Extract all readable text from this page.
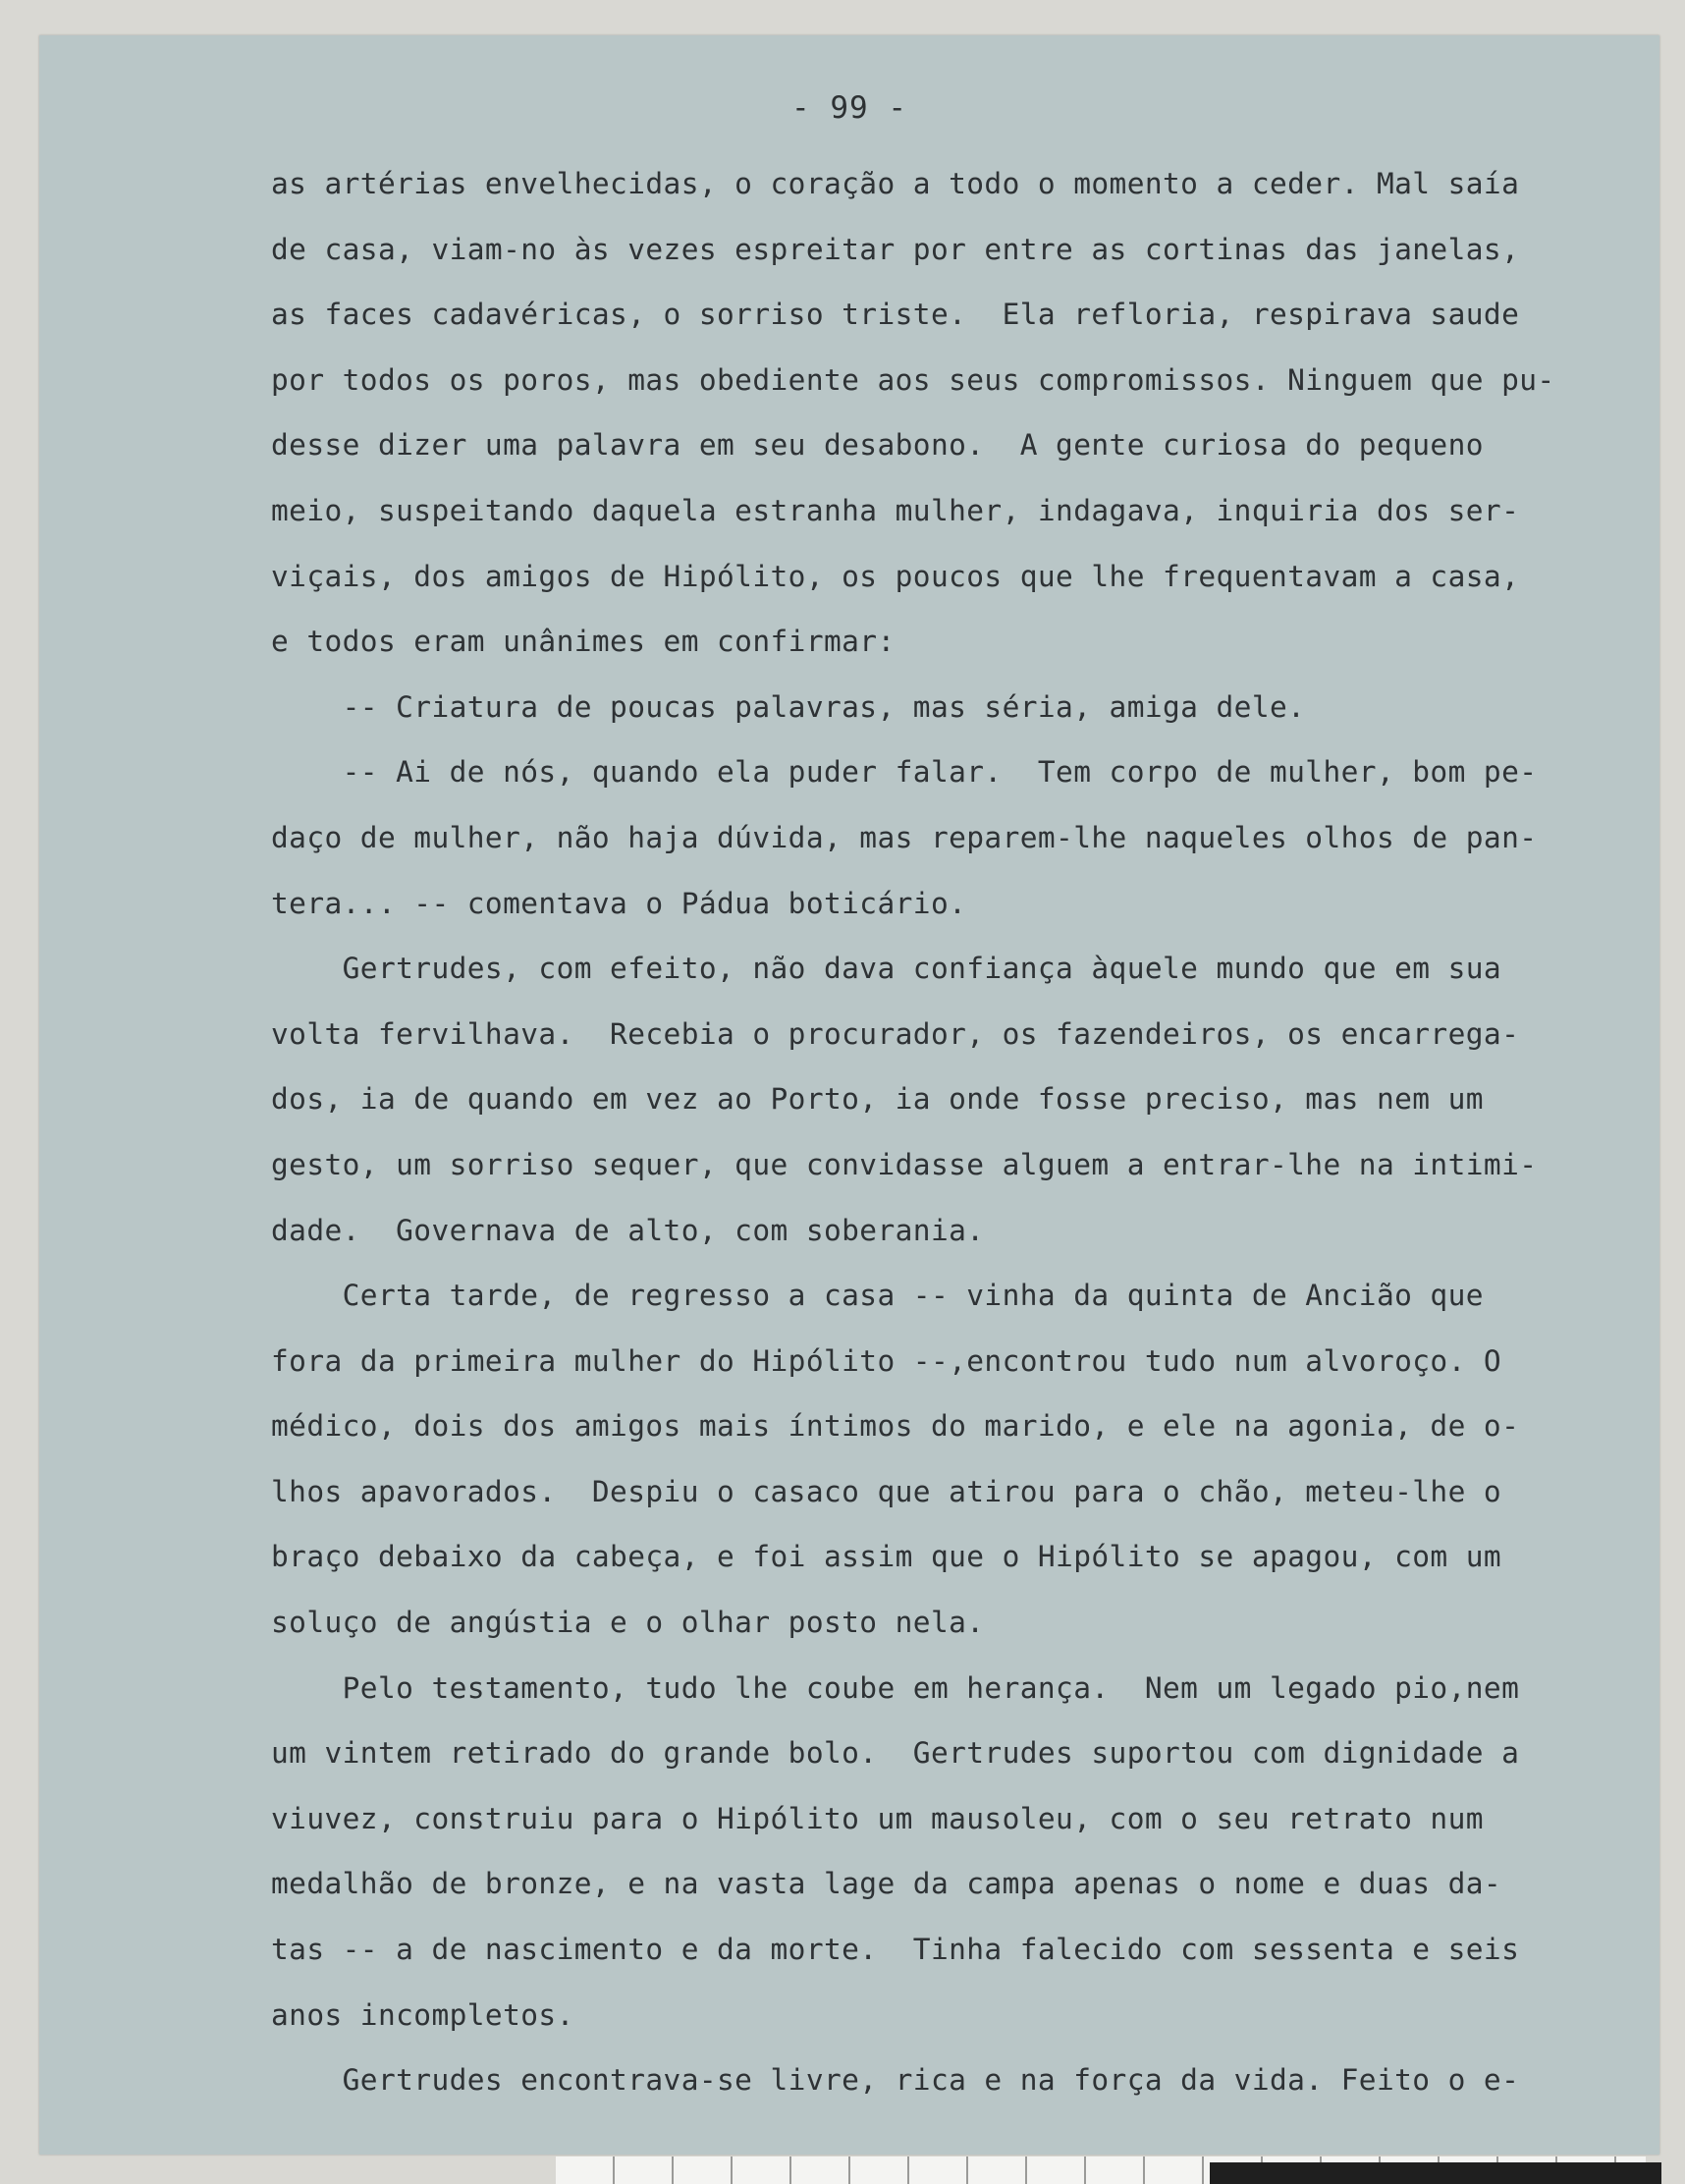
- 99 -
as artérias envelhecidas, o coração a todo o momento a ceder. Mal saía
de casa, viam-no às vezes espreitar por entre as cortinas das janelas,
as faces cadavéricas, o sorriso triste.  Ela refloria, respirava saude
por todos os poros, mas obediente aos seus compromissos. Ninguem que pu-
desse dizer uma palavra em seu desabono.  A gente curiosa do pequeno
meio, suspeitando daquela estranha mulher, indagava, inquiria dos ser-
viçais, dos amigos de Hipólito, os poucos que lhe frequentavam a casa,
e todos eram unânimes em confirmar:
-- Criatura de poucas palavras, mas séria, amiga dele.
-- Ai de nós, quando ela puder falar.  Tem corpo de mulher, bom pe-
daço de mulher, não haja dúvida, mas reparem-lhe naqueles olhos de pan-
tera... -- comentava o Pádua boticário.
Gertrudes, com efeito, não dava confiança àquele mundo que em sua
volta fervilhava.  Recebia o procurador, os fazendeiros, os encarrega-
dos, ia de quando em vez ao Porto, ia onde fosse preciso, mas nem um
gesto, um sorriso sequer, que convidasse alguem a entrar-lhe na intimi-
dade.  Governava de alto, com soberania.
Certa tarde, de regresso a casa -- vinha da quinta de Ancião que
fora da primeira mulher do Hipólito --,encontrou tudo num alvoroço. O
médico, dois dos amigos mais íntimos do marido, e ele na agonia, de o-
lhos apavorados.  Despiu o casaco que atirou para o chão, meteu-lhe o
braço debaixo da cabeça, e foi assim que o Hipólito se apagou, com um
soluço de angústia e o olhar posto nela.
Pelo testamento, tudo lhe coube em herança.  Nem um legado pio,nem
um vintem retirado do grande bolo.  Gertrudes suportou com dignidade a
viuvez, construiu para o Hipólito um mausoleu, com o seu retrato num
medalhão de bronze, e na vasta lage da campa apenas o nome e duas da-
tas -- a de nascimento e da morte.  Tinha falecido com sessenta e seis
anos incompletos.
Gertrudes encontrava-se livre, rica e na força da vida. Feito o e-
